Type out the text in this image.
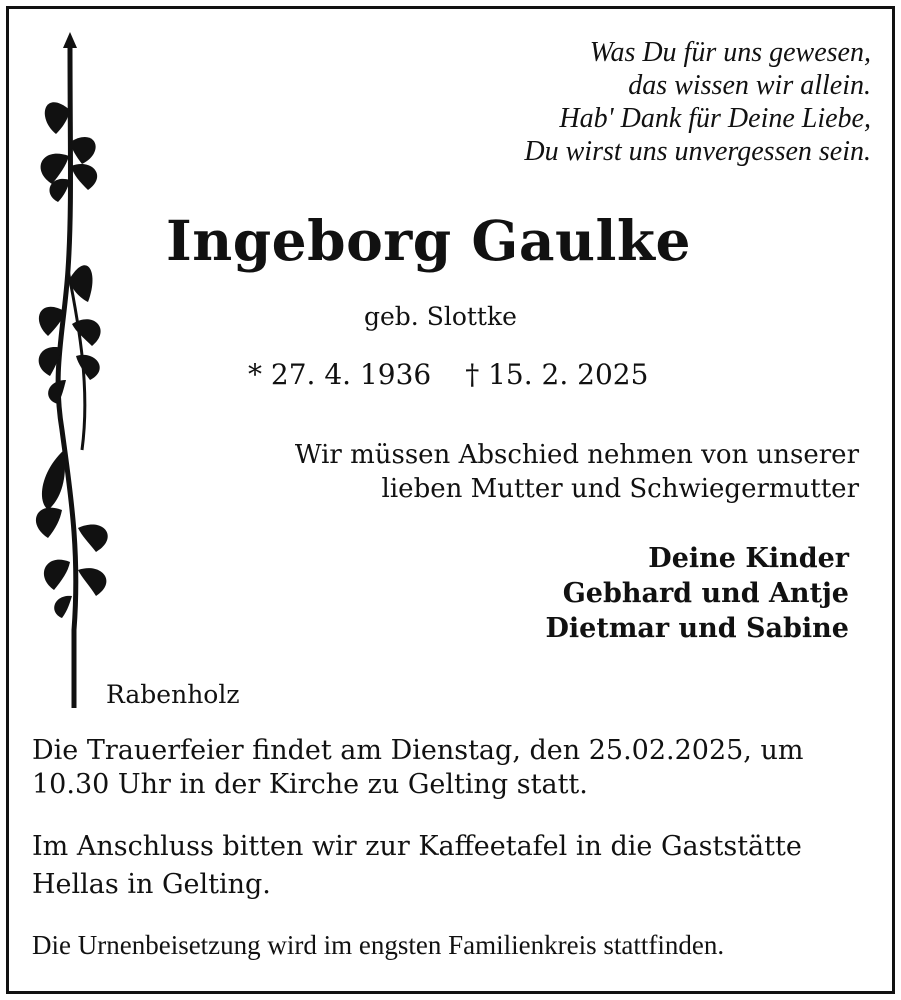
Was Du für uns gewesen,
das wissen wir allein.
Hab' Dank für Deine Liebe,
Du wirst uns unvergessen sein.

Ingeborg Gaulke
geb. Slottke
* 27. 4. 1936 † 15. 2. 2025
Wir müssen Abschied nehmen von unserer
lieben Mutter und Schwiegermutter
Deine Kinder
Gebhard und Antje
Dietmar und Sabine
Rabenholz

Die Trauerfeier findet am Dienstag, den 25.02.2025, um 10.30 Uhr in der Kirche zu Gelting statt.

Im Anschluss bitten wir zur Kaffeetafel in die Gaststätte Hellas in Gelting.

Die Urnenbeisetzung wird im engsten Familienkreis stattfinden.
